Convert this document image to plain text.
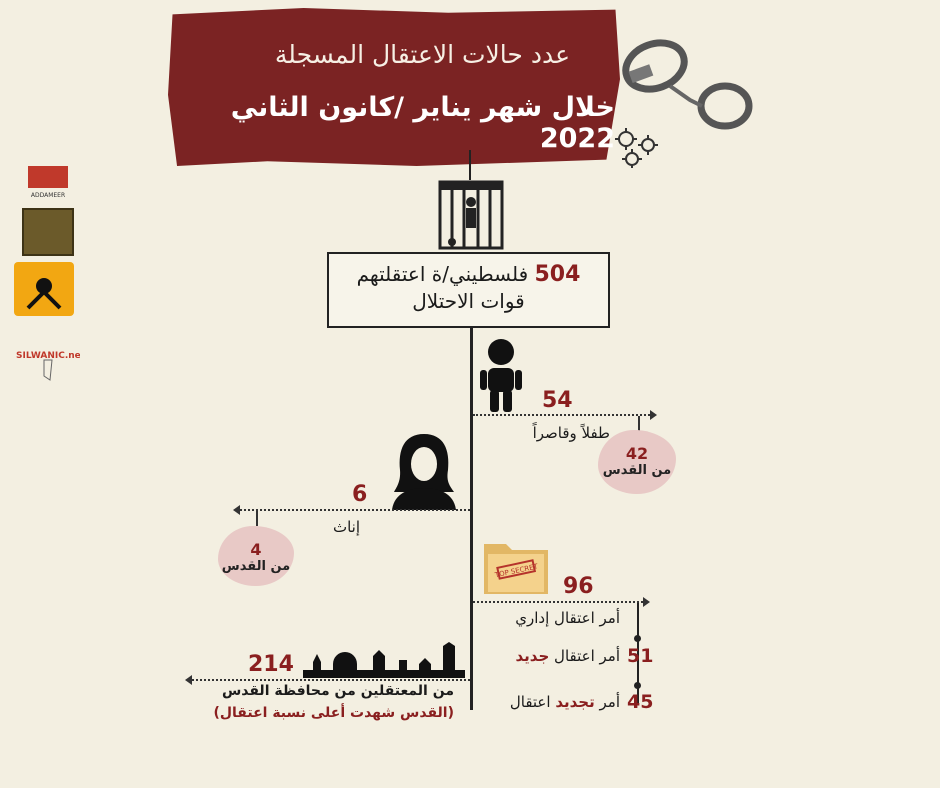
عدد حالات الاعتقال المسجلة
خلال شهر يناير /كانون الثاني 2022
504 فلسطيني/ة اعتقلتهم
قوات الاحتلال
54
طفلاً وقاصراً
42
من القدس
6
إناث
4
من القدس	TOP SECRET
96
أمر اعتقال إداري
51
أمر اعتقال جديد
45
أمر تجديد اعتقال
214
من المعتقلين من محافظة القدس
(القدس شهدت أعلى نسبة اعتقال)
ADDAMEER
SILWANIC.net
